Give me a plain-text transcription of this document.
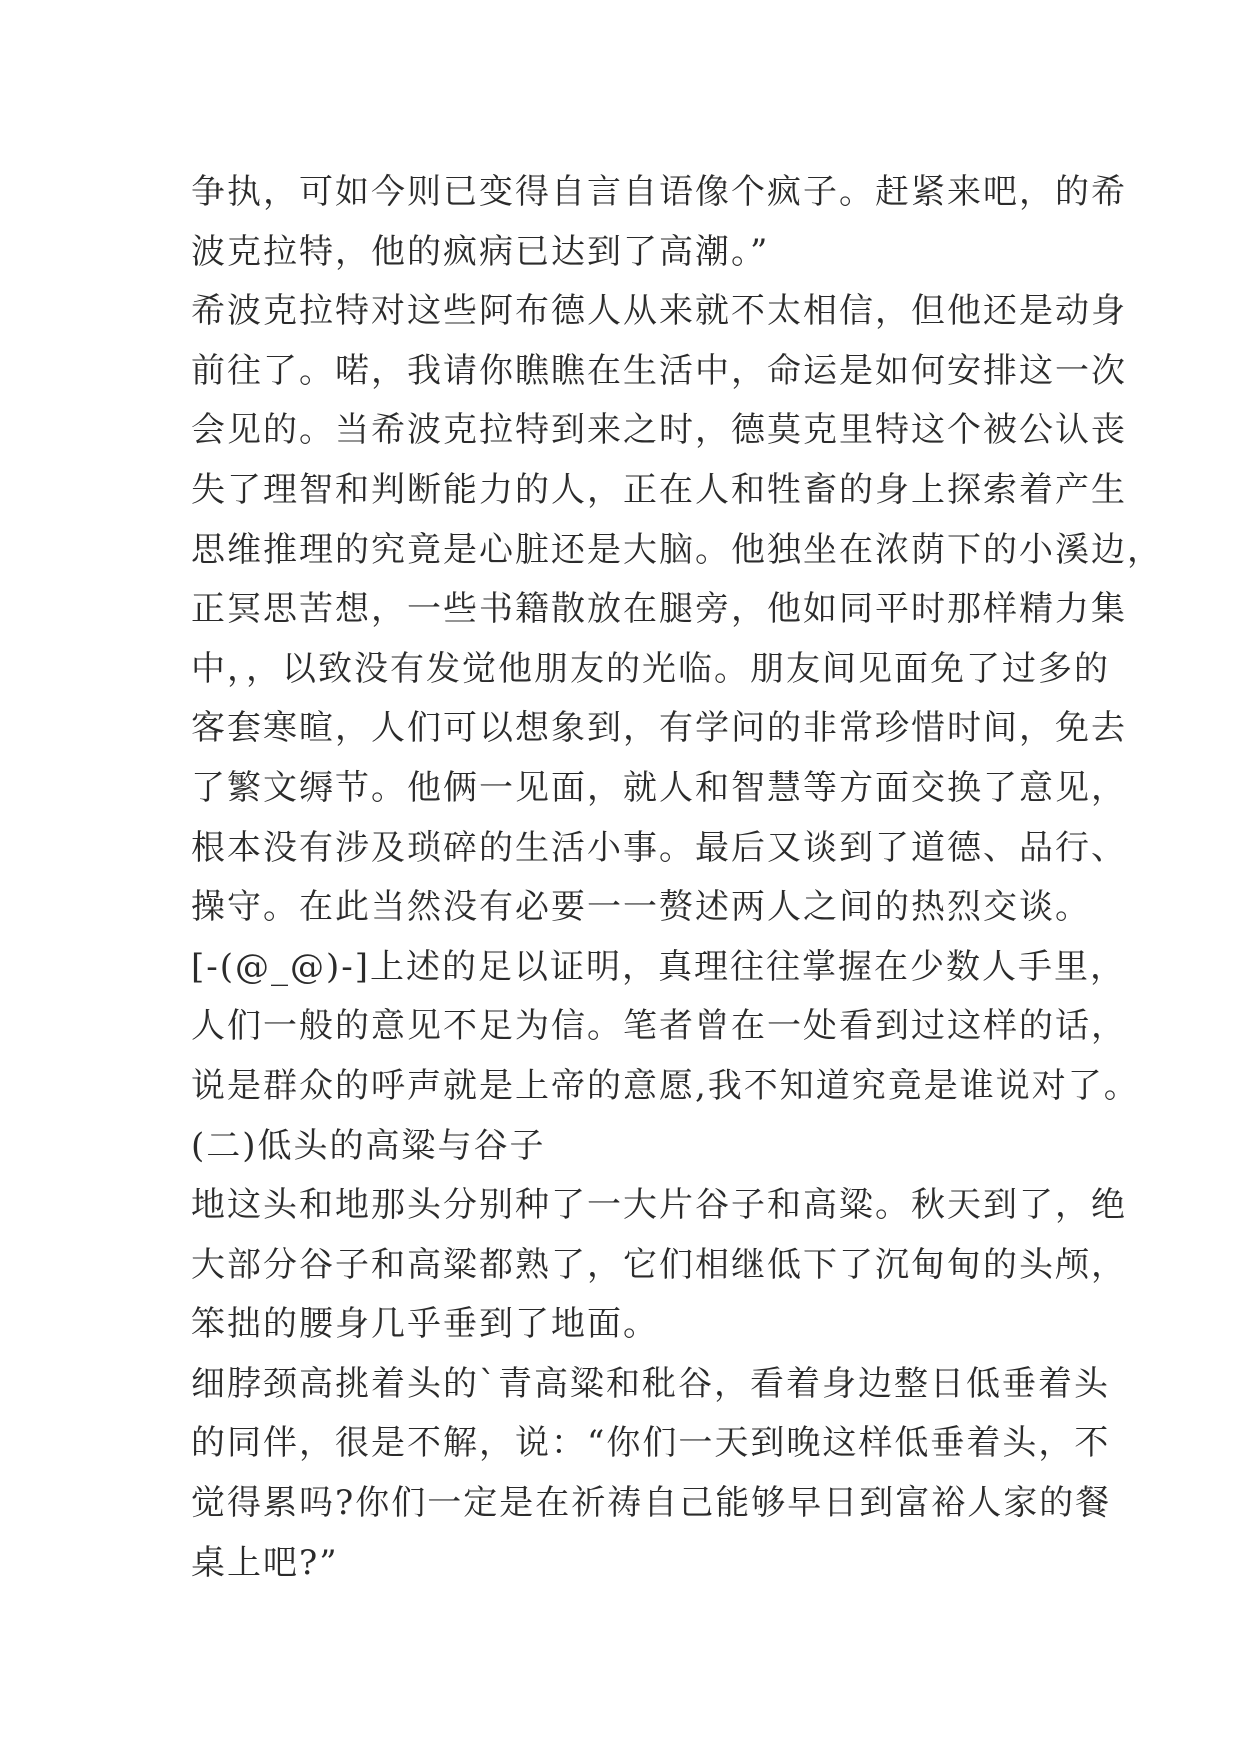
争执，可如今则已变得自言自语像个疯子。赶紧来吧，的希
波克拉特，他的疯病已达到了高潮。”
希波克拉特对这些阿布德人从来就不太相信，但他还是动身
前往了。喏，我请你瞧瞧在生活中，命运是如何安排这一次
会见的。当希波克拉特到来之时，德莫克里特这个被公认丧
失了理智和判断能力的人，正在人和牲畜的身上探索着产生
思维推理的究竟是心脏还是大脑。他独坐在浓荫下的小溪边，
正冥思苦想，一些书籍散放在腿旁，他如同平时那样精力集
中，，以致没有发觉他朋友的光临。朋友间见面免了过多的
客套寒暄，人们可以想象到，有学问的非常珍惜时间，免去
了繁文缛节。他俩一见面，就人和智慧等方面交换了意见，
根本没有涉及琐碎的生活小事。最后又谈到了道德、品行、
操守。在此当然没有必要一一赘述两人之间的热烈交谈。
[-(@_@)-]上述的足以证明，真理往往掌握在少数人手里，
人们一般的意见不足为信。笔者曾在一处看到过这样的话，
说是群众的呼声就是上帝的意愿,我不知道究竟是谁说对了。
(二)低头的高粱与谷子
地这头和地那头分别种了一大片谷子和高粱。秋天到了，绝
大部分谷子和高粱都熟了，它们相继低下了沉甸甸的头颅，
笨拙的腰身几乎垂到了地面。
细脖颈高挑着头的`青高粱和秕谷，看着身边整日低垂着头
的同伴，很是不解，说：“你们一天到晚这样低垂着头，不
觉得累吗?你们一定是在祈祷自己能够早日到富裕人家的餐
桌上吧?”
